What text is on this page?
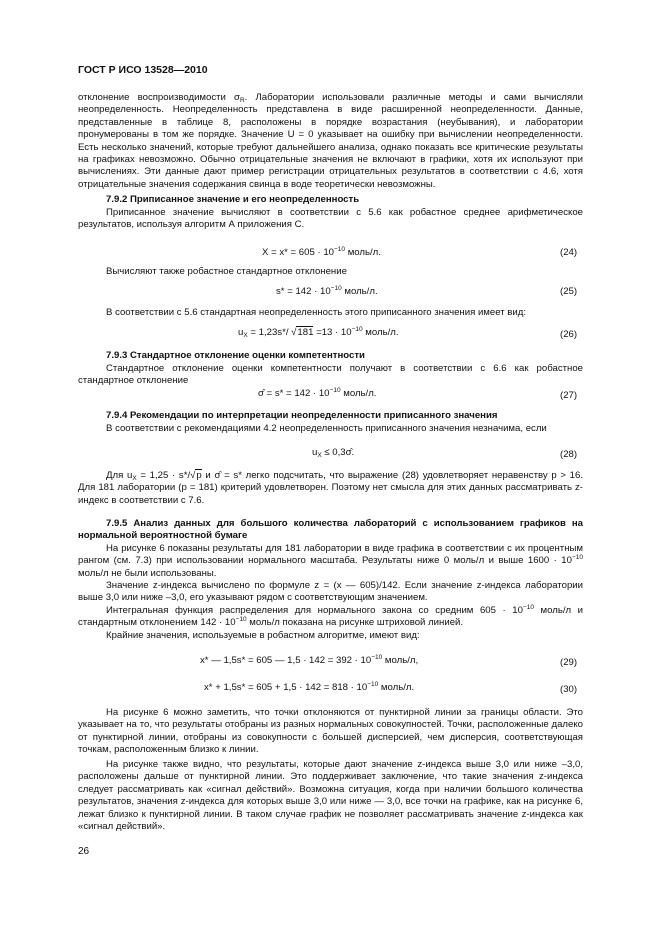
ГОСТ Р ИСО 13528—2010

отклонение воспроизводимости $\sigma_R$. Лаборатории использовали различные методы и сами вычисляли неопределенность. Неопределенность представлена в виде расширенной неопределенности. Данные, представленные в таблице 8, расположены в порядке возрастания (неубывания), и лаборатории пронумерованы в том же порядке. Значение U = 0 указывает на ошибку при вычислении неопределенности. Есть несколько значений, которые требуют дальнейшего анализа, однако показать все критические результаты на графиках невозможно. Обычно отрицательные значения не включают в графики, хотя их используют при вычислениях. Эти данные дают пример регистрации отрицательных результатов в соответствии с 4.6, хотя отрицательные значения содержания свинца в воде теоретически невозможны.

7.9.2 Приписанное значение и его неопределенность

Приписанное значение вычисляют в соответствии с 5.6 как робастное среднее арифметическое результатов, используя алгоритм А приложения С.

$X = x* = 605 \cdot 10^{-10}$ моль/л.	(24)

Вычисляют также робастное стандартное отклонение

$s* = 142 \cdot 10^{-10}$ моль/л.	(25)

В соответствии с 5.6 стандартная неопределенность этого приписанного значения имеет вид:

$u_X = 1,23s*/$ $√181 =13 \cdot 10^{-10}$ моль/л.	(26)

7.9.3 Стандартное отклонение оценки компетентности

Стандартное отклонение оценки компетентности получают в соответствии с 6.6 как робастное стандартное отклонение

σ̂ = $s* = 142 \cdot 10^{-10}$ моль/л.	(27)

7.9.4 Рекомендации по интерпретации неопределенности приписанного значения

В соответствии с рекомендациями 4.2 неопределенность приписанного значения незначима, если

$u_X$ ≤ 0,3σ̂.	(28)

Для $u_X = 1,25 \cdot s*/√p$ и σ̂ = s* легко подсчитать, что выражение (28) удовлетворяет неравенству p > 16. Для 181 лаборатории (p = 181) критерий удовлетворен. Поэтому нет смысла для этих данных рассматривать z-индекс в соответствии с 7.6.

7.9.5 Анализ данных для большого количества лабораторий с использованием графиков на нормальной вероятностной бумаге

На рисунке 6 показаны результаты для 181 лаборатории в виде графика в соответствии с их процентным рангом (см. 7.3) при использовании нормального масштаба. Результаты ниже 0 моль/л и выше $1600 \cdot 10^{-10}$ моль/л не были использованы.

Значение z-индекса вычислено по формуле z = (x — 605)/142. Если значение z-индекса лаборатории выше 3,0 или ниже –3,0, его указывают рядом с соответствующим значением.

Интегральная функция распределения для нормального закона со средним $605 \cdot 10^{-10}$ моль/л и стандартным отклонением $142 \cdot 10^{-10}$ моль/л показана на рисунке штриховой линией.

Крайние значения, используемые в робастном алгоритме, имеют вид:

x* — 1,5s* = 605 — $1,5 \cdot 142 = 392 \cdot 10^{-10}$ моль/л,	(29)
$x* + 1,5s* = 605 + 1,5 \cdot 142 = 818 \cdot 10^{-10}$ моль/л.	(30)

На рисунке 6 можно заметить, что точки отклоняются от пунктирной линии за границы области. Это указывает на то, что результаты отобраны из разных нормальных совокупностей. Точки, расположенные далеко от пунктирной линии, отобраны из совокупности с большей дисперсией, чем дисперсия, соответствующая точкам, расположенным близко к линии.

На рисунке также видно, что результаты, которые дают значение z-индекса выше 3,0 или ниже –3,0, расположены дальше от пунктирной линии. Это поддерживает заключение, что такие значения z-индекса следует рассматривать как «сигнал действий». Возможна ситуация, когда при наличии большого количества результатов, значения z-индекса для которых выше 3,0 или ниже — 3,0, все точки на графике, как на рисунке 6, лежат близко к пунктирной линии. В таком случае график не позволяет рассматривать значение z-индекса как «сигнал действий».

26
